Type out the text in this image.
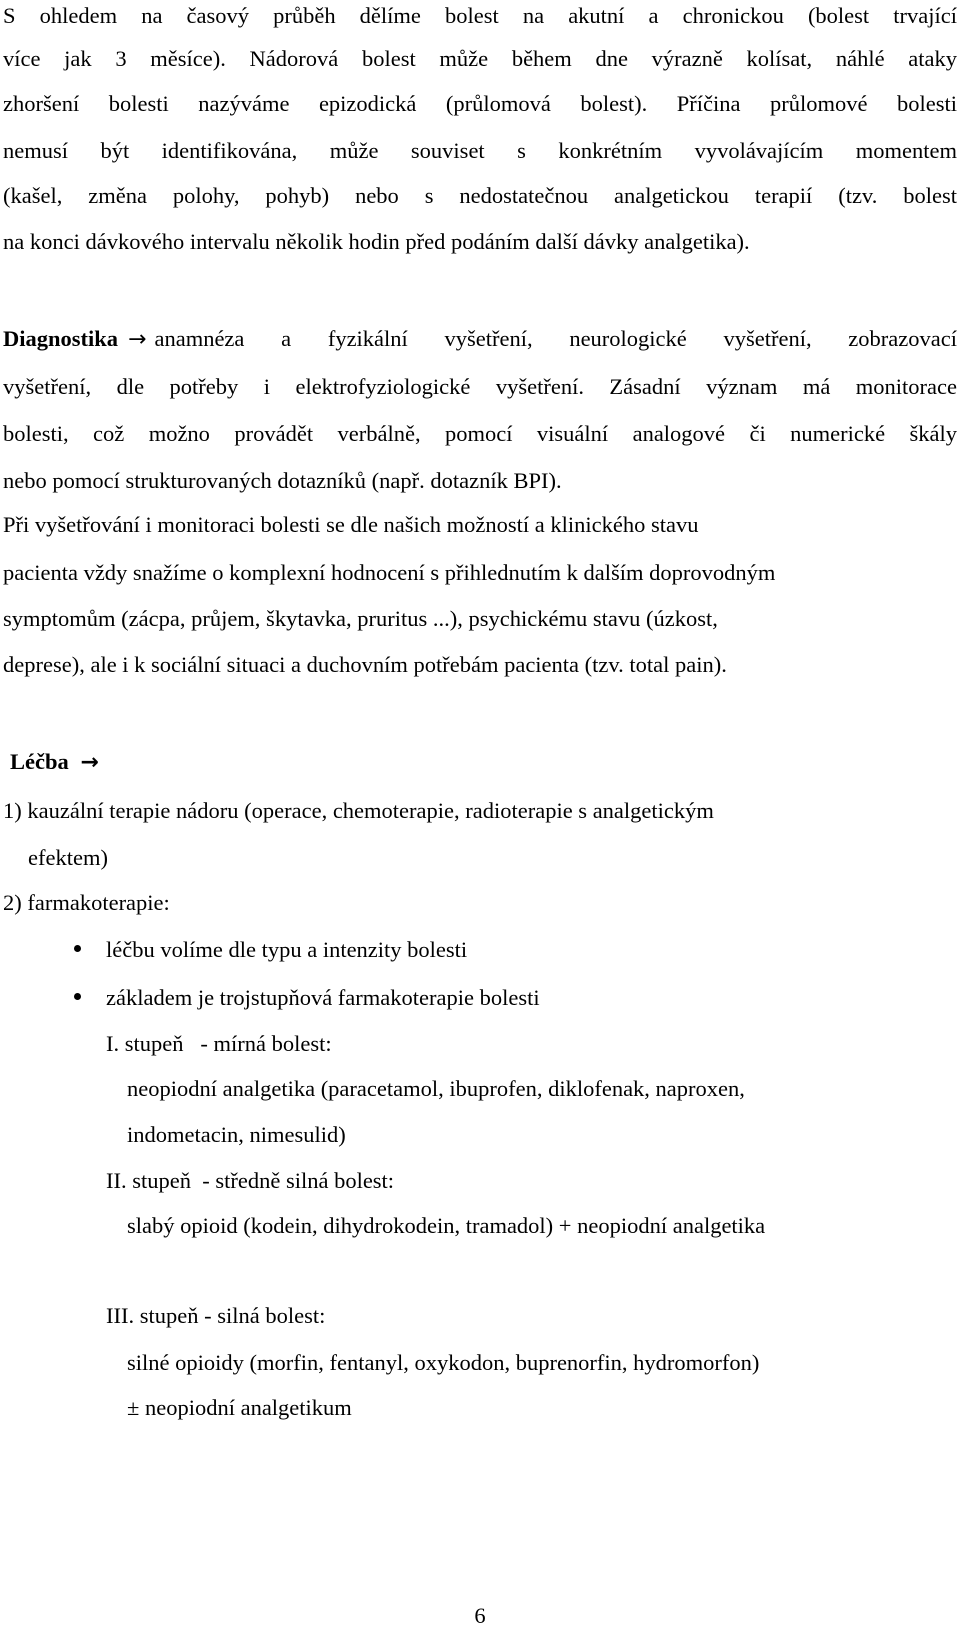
S ohledem na časový průběh dělíme bolest na akutní a chronickou (bolest trvající
více jak 3 měsíce). Nádorová bolest může během dne výrazně kolísat, náhlé ataky
zhoršení bolesti nazýváme epizodická (průlomová bolest). Příčina průlomové bolesti
nemusí být identifikována, může souviset s konkrétním vyvolávajícím momentem
(kašel, změna polohy, pohyb) nebo s nedostatečnou analgetickou terapií (tzv. bolest
na konci dávkového intervalu několik hodin před podáním další dávky analgetika).
Diagnostika → anamnéza a fyzikální vyšetření, neurologické vyšetření, zobrazovací
vyšetření, dle potřeby i elektrofyziologické vyšetření. Zásadní význam má monitorace
bolesti, což možno provádět verbálně, pomocí visuální analogové či numerické škály
nebo pomocí strukturovaných dotazníků (např. dotazník BPI).
Při vyšetřování i monitoraci bolesti se dle našich možností a klinického stavu
pacienta vždy snažíme o komplexní hodnocení s přihlednutím k dalším doprovodným
symptomům (zácpa, průjem, škytavka, pruritus ...), psychickému stavu (úzkost,
deprese), ale i k sociální situaci a duchovním potřebám pacienta (tzv. total pain).
Léčba →
1) kauzální terapie nádoru (operace, chemoterapie, radioterapie s analgetickým
efektem)
2) farmakoterapie:
léčbu volíme dle typu a intenzity bolesti
základem je trojstupňová farmakoterapie bolesti
I. stupeň   - mírná bolest:
neopiodní analgetika (paracetamol, ibuprofen, diklofenak, naproxen,
indometacin, nimesulid)
II. stupeň  - středně silná bolest:
slabý opioid (kodein, dihydrokodein, tramadol) + neopiodní analgetika
III. stupeň - silná bolest:
silné opioidy (morfin, fentanyl, oxykodon, buprenorfin, hydromorfon)
± neopiodní analgetikum
6
